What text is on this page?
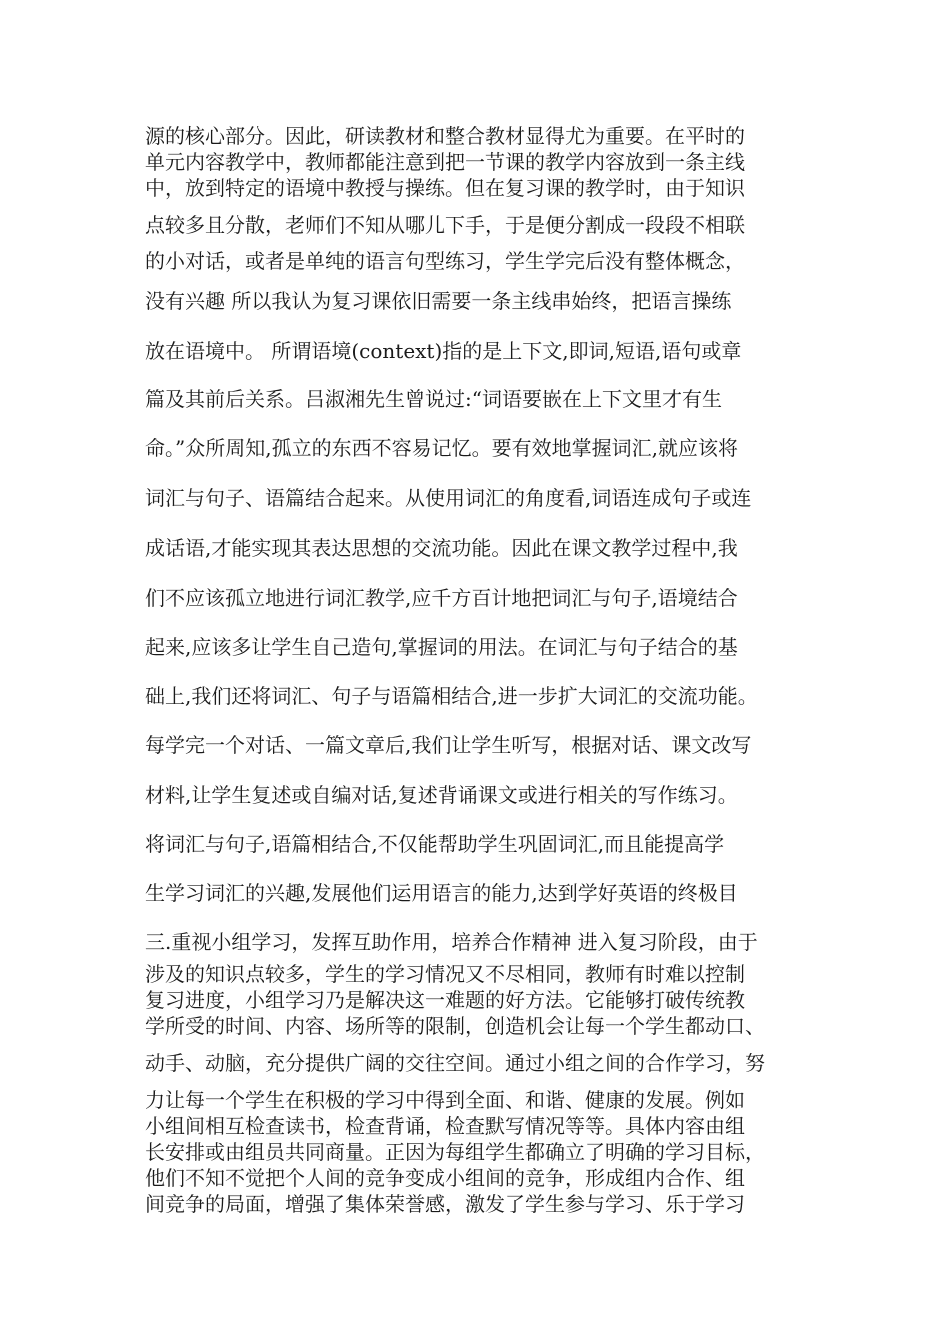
源的核心部分。因此，研读教材和整合教材显得尤为重要。在平时的
单元内容教学中，教师都能注意到把一节课的教学内容放到一条主线
中，放到特定的语境中教授与操练。但在复习课的教学时，由于知识
点较多且分散，老师们不知从哪儿下手，于是便分割成一段段不相联
的小对话，或者是单纯的语言句型练习，学生学完后没有整体概念，
没有兴趣 所以我认为复习课依旧需要一条主线串始终，把语言操练
放在语境中。 所谓语境(context)指的是上下文,即词,短语,语句或章
篇及其前后关系。吕淑湘先生曾说过:“词语要嵌在上下文里才有生
命。”众所周知,孤立的东西不容易记忆。要有效地掌握词汇,就应该将
词汇与句子、语篇结合起来。从使用词汇的角度看,词语连成句子或连
成话语,才能实现其表达思想的交流功能。因此在课文教学过程中,我
们不应该孤立地进行词汇教学,应千方百计地把词汇与句子,语境结合
起来,应该多让学生自己造句,掌握词的用法。在词汇与句子结合的基
础上,我们还将词汇、句子与语篇相结合,进一步扩大词汇的交流功能。
每学完一个对话、一篇文章后,我们让学生听写，根据对话、课文改写
材料,让学生复述或自编对话,复述背诵课文或进行相关的写作练习。
将词汇与句子,语篇相结合,不仅能帮助学生巩固词汇,而且能提高学
生学习词汇的兴趣,发展他们运用语言的能力,达到学好英语的终极目
三.重视小组学习，发挥互助作用，培养合作精神 进入复习阶段，由于
涉及的知识点较多，学生的学习情况又不尽相同，教师有时难以控制
复习进度，小组学习乃是解决这一难题的好方法。它能够打破传统教
学所受的时间、内容、场所等的限制，创造机会让每一个学生都动口、
动手、动脑，充分提供广阔的交往空间。通过小组之间的合作学习，努
力让每一个学生在积极的学习中得到全面、和谐、健康的发展。例如
小组间相互检查读书，检查背诵，检查默写情况等等。具体内容由组
长安排或由组员共同商量。正因为每组学生都确立了明确的学习目标，
他们不知不觉把个人间的竞争变成小组间的竞争，形成组内合作、组
间竞争的局面，增强了集体荣誉感，激发了学生参与学习、乐于学习
